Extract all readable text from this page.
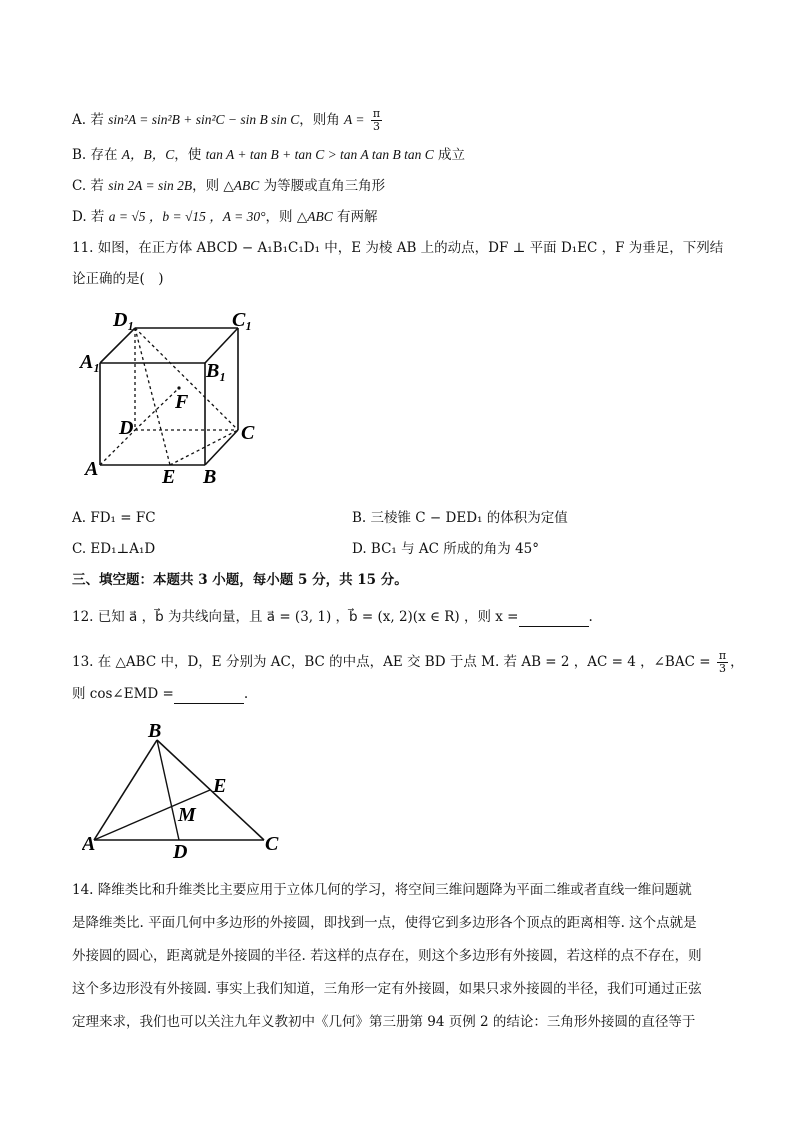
A. 若 sin²A = sin²B + sin²C − sin B sin C，则角 $A = \frac{\pi}{3}$
B. 存在 A，B，C，使 tan A + tan B + tan C > tan A tan B tan C 成立
C. 若 sin 2A = sin 2B，则 △ABC 为等腰或直角三角形
D. 若 a = √5 ，b = √15 ，A = 30°，则 △ABC 有两解
11. 如图，在正方体 ABCD − A₁B₁C₁D₁ 中，E 为棱 AB 上的动点，DF ⊥ 平面 D₁EC ，F 为垂足，下列结
论正确的是(　)
D₁	C₁
A₁	B₁
F
D	C
A	E B
A. FD₁ = FC	B. 三棱锥 C − DED₁ 的体积为定值
C. ED₁⊥A₁D	D. BC₁ 与 AC 所成的角为 45°
三、填空题：本题共 3 小题，每小题 5 分，共 15 分。
12. 已知 a⃗ ，b⃗ 为共线向量，且 a⃗ = (3, 1) ，b⃗ = (x, 2)(x ∈ R) ，则 x =	.
13. 在 △ABC 中，D，E 分别为 AC，BC 的中点，AE 交 BD 于点 M. 若 AB = 2 ，AC = 4 ，∠BAC = $\frac{\pi}{3}$ ，
则 cos∠EMD =	.
B
E
M
A	D	C
14. 降维类比和升维类比主要应用于立体几何的学习，将空间三维问题降为平面二维或者直线一维问题就
是降维类比. 平面几何中多边形的外接圆，即找到一点，使得它到多边形各个顶点的距离相等. 这个点就是
外接圆的圆心，距离就是外接圆的半径. 若这样的点存在，则这个多边形有外接圆，若这样的点不存在，则
这个多边形没有外接圆. 事实上我们知道，三角形一定有外接圆，如果只求外接圆的半径，我们可通过正弦
定理来求，我们也可以关注九年义教初中《几何》第三册第 94 页例 2 的结论：三角形外接圆的直径等于
